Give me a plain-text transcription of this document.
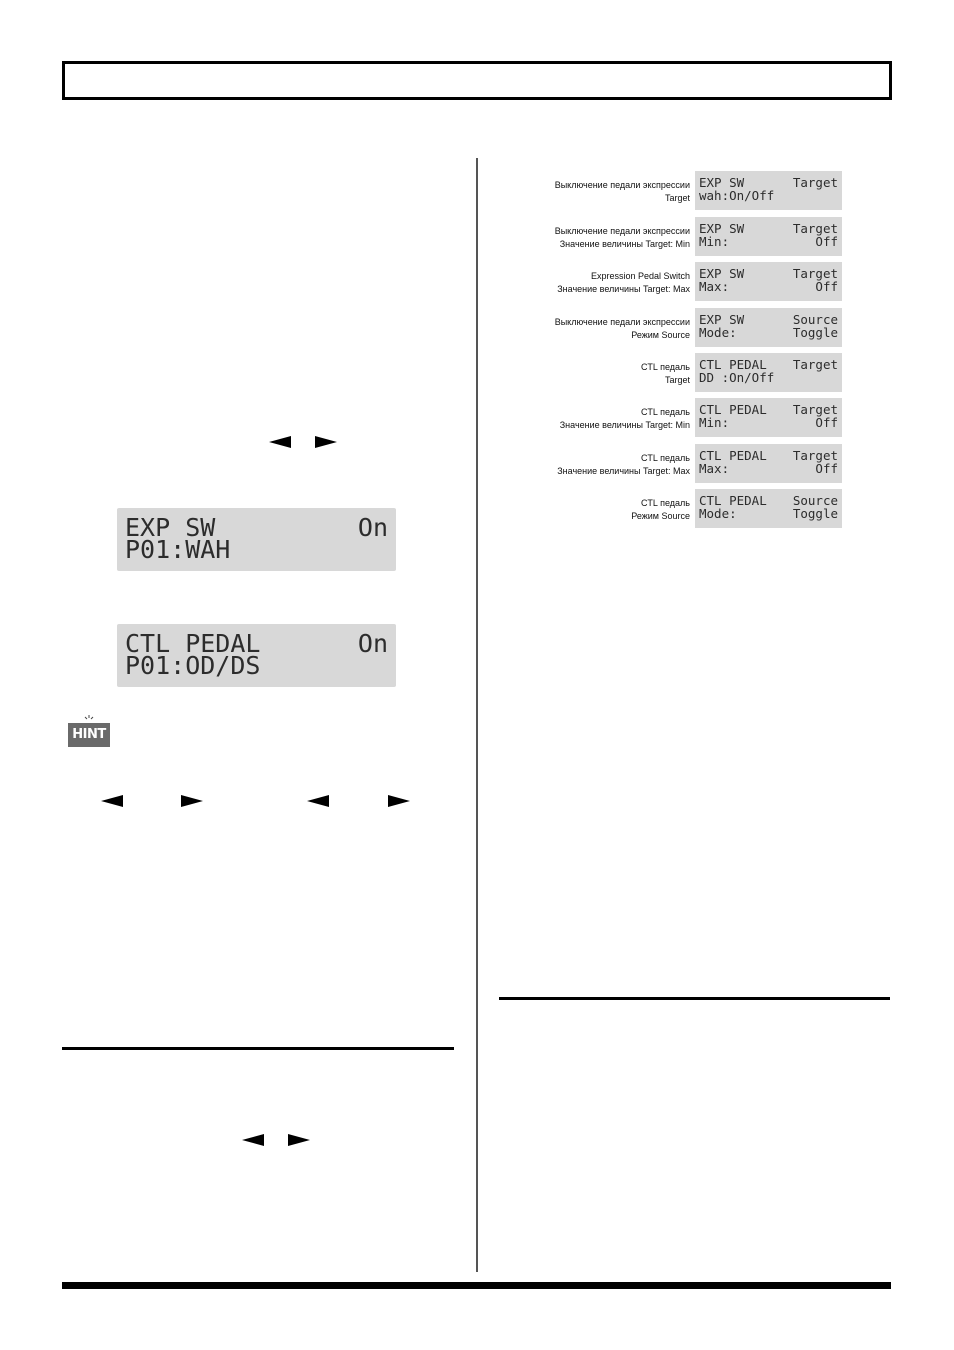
EXP SW	On
P01:WAH
CTL PEDAL	On
P01:OD/DS
HINT
Выключение педали экспрессии
Target
EXP SW	Target
wah:On/Off
Выключение педали экспрессии
Значение величины Target: Min
EXP SW	Target
Min:	Off
Expression Pedal Switch
Значение величины Target: Max
EXP SW	Target
Max:	Off
Выключение педали экспрессии
Режим Source
EXP SW	Source
Mode:	Toggle
CTL педаль
Target
CTL PEDAL Target
DD :On/Off
CTL педаль
Значение величины Target: Min
CTL PEDAL Target
Min:	Off
CTL педаль
Значение величины Target: Max
CTL PEDAL Target
Max:	Off
CTL педаль
Режим Source
CTL PEDAL Source
Mode:	Toggle
